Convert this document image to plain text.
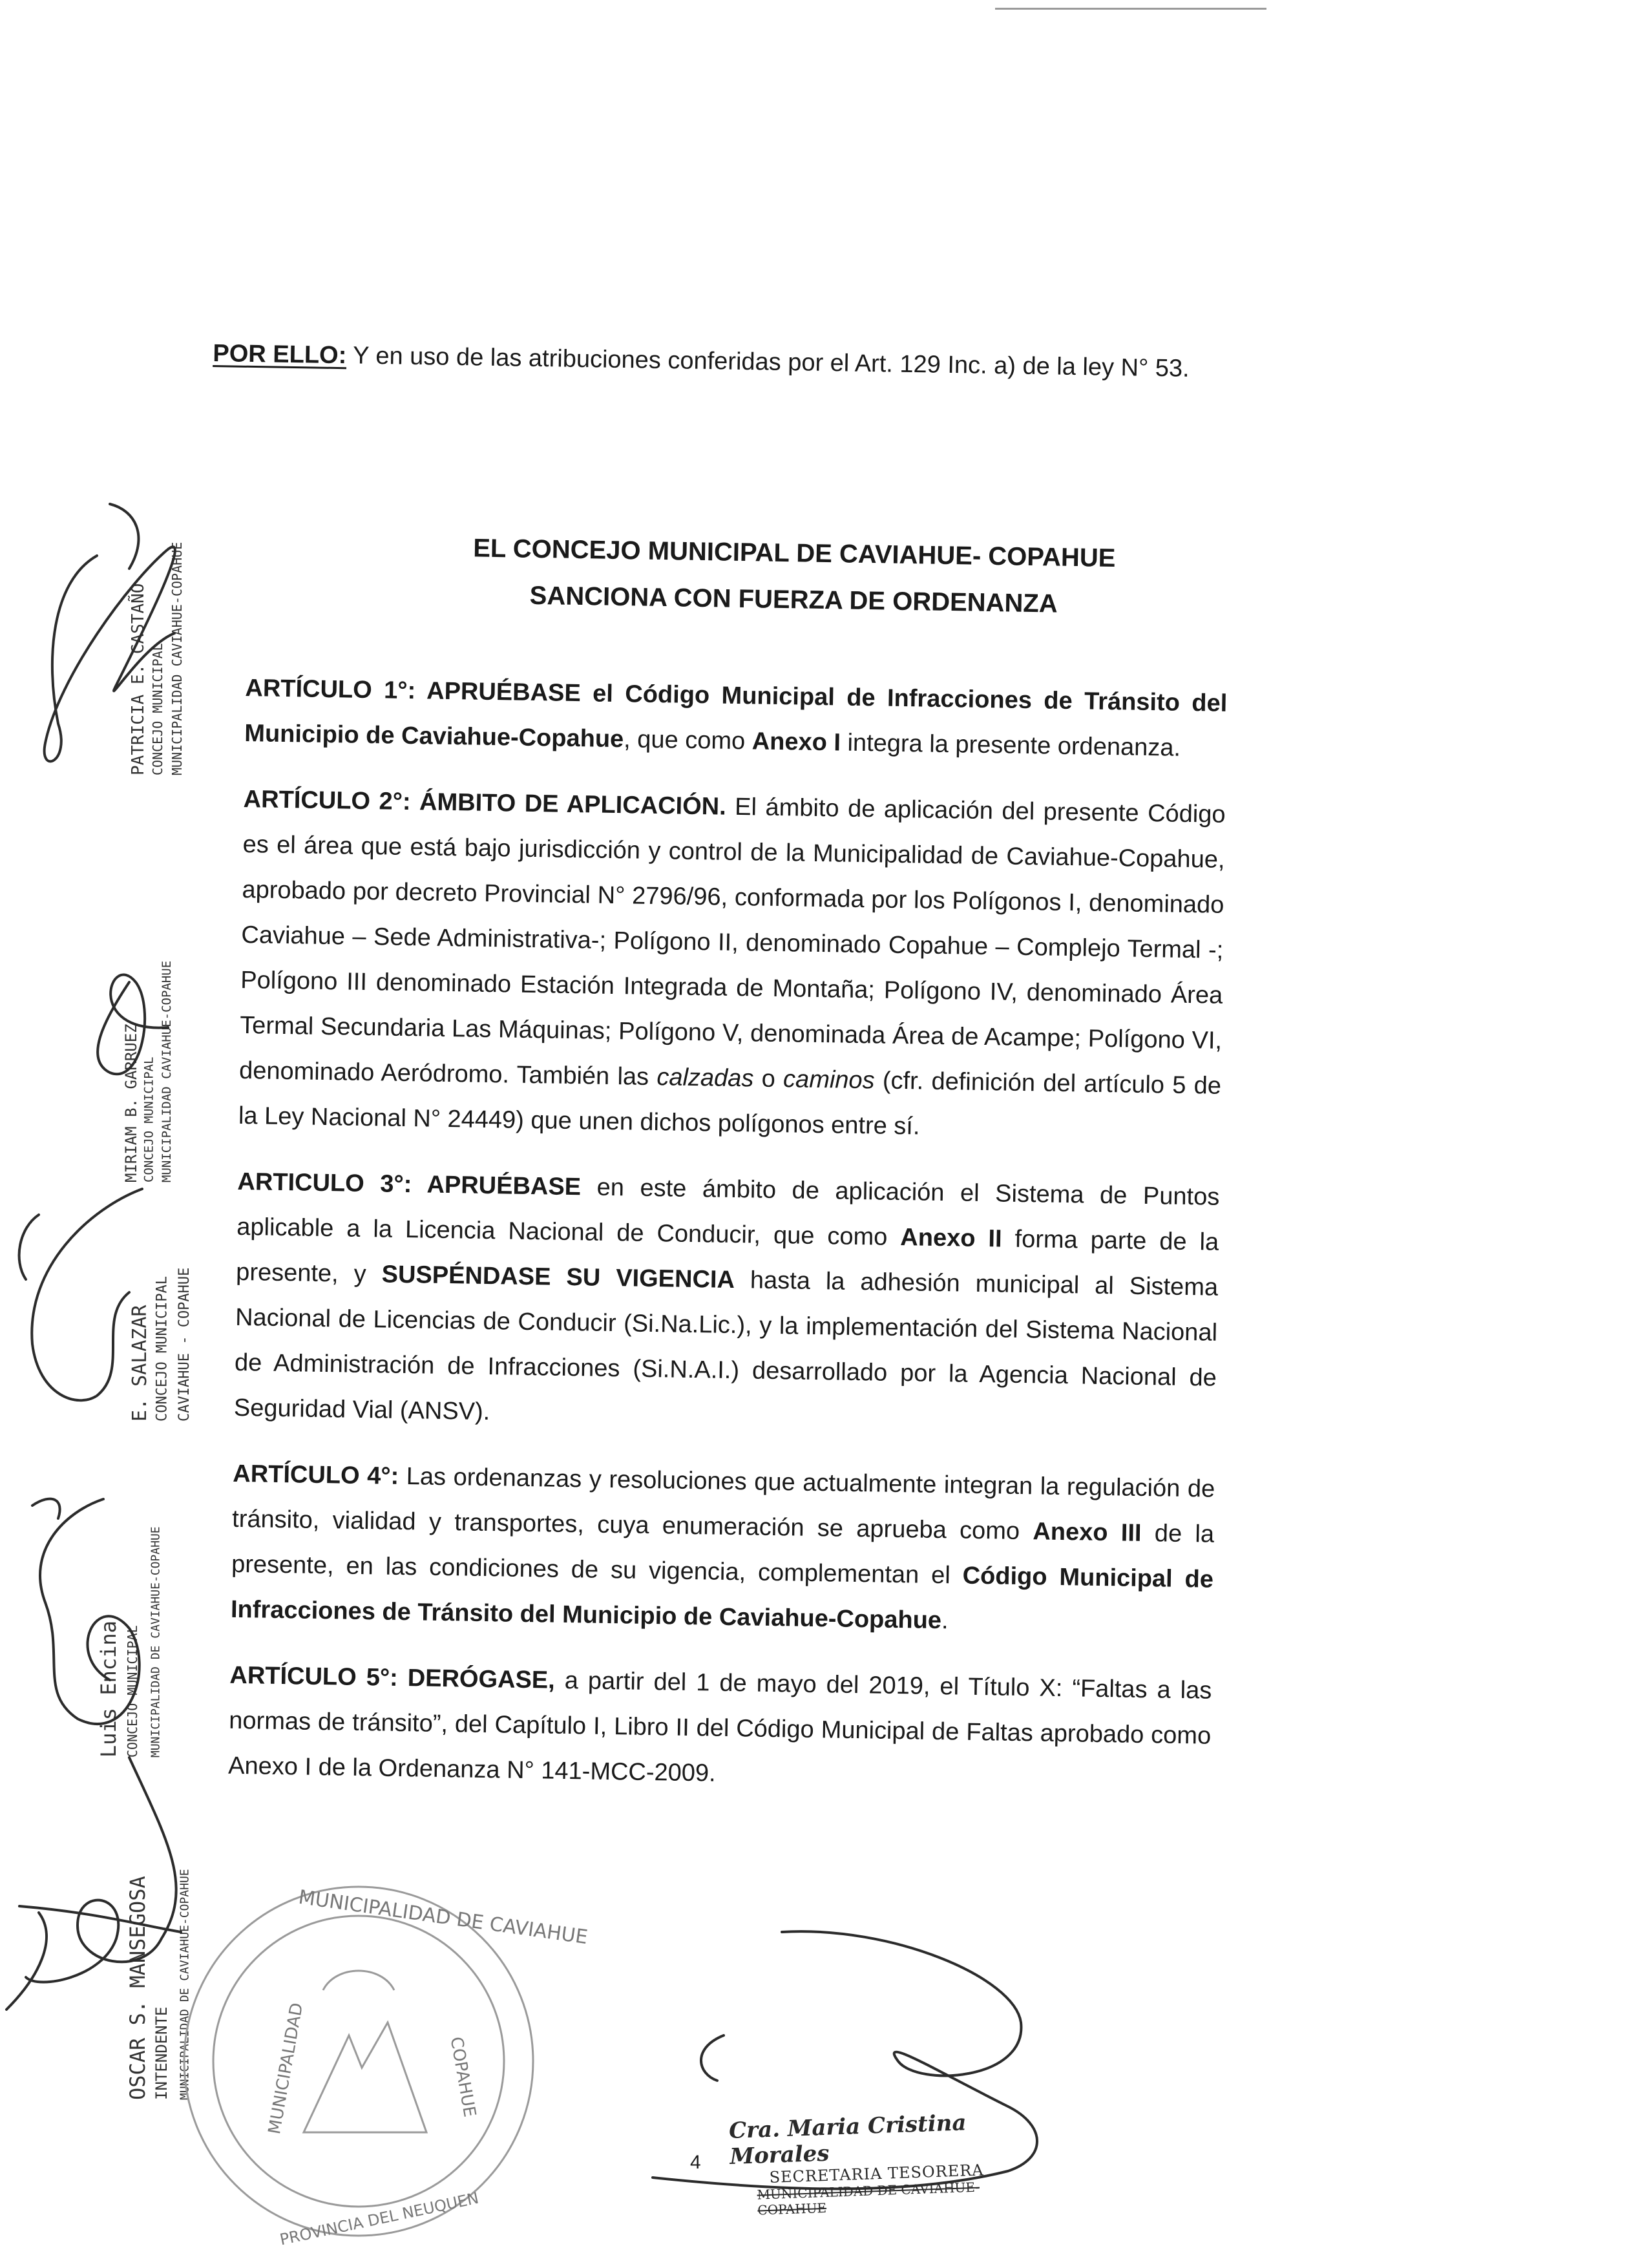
POR ELLO: Y en uso de las atribuciones conferidas por el Art. 129 Inc. a) de la ley N° 53.

EL CONCEJO MUNICIPAL DE CAVIAHUE- COPAHUE
SANCIONA CON FUERZA DE ORDENANZA

ARTÍCULO 1°: APRUÉBASE el Código Municipal de Infracciones de Tránsito del Municipio de Caviahue-Copahue, que como Anexo I integra la presente ordenanza.

ARTÍCULO 2°: ÁMBITO DE APLICACIÓN. El ámbito de aplicación del presente Código es el área que está bajo jurisdicción y control de la Municipalidad de Caviahue-Copahue, aprobado por decreto Provincial N° 2796/96, conformada por los Polígonos I, denominado Caviahue – Sede Administrativa-; Polígono II, denominado Copahue – Complejo Termal -; Polígono III denominado Estación Integrada de Montaña; Polígono IV, denominado Área Termal Secundaria Las Máquinas; Polígono V, denominada Área de Acampe; Polígono VI, denominado Aeródromo. También las calzadas o caminos (cfr. definición del artículo 5 de la Ley Nacional N° 24449) que unen dichos polígonos entre sí.

ARTICULO 3°: APRUÉBASE en este ámbito de aplicación el Sistema de Puntos aplicable a la Licencia Nacional de Conducir, que como Anexo II forma parte de la presente, y SUSPÉNDASE SU VIGENCIA hasta la adhesión municipal al Sistema Nacional de Licencias de Conducir (Si.Na.Lic.), y la implementación del Sistema Nacional de Administración de Infracciones (Si.N.A.I.) desarrollado por la Agencia Nacional de Seguridad Vial (ANSV).

ARTÍCULO 4°: Las ordenanzas y resoluciones que actualmente integran la regulación de tránsito, vialidad y transportes, cuya enumeración se aprueba como Anexo III de la presente, en las condiciones de su vigencia, complementan el Código Municipal de Infracciones de Tránsito del Municipio de Caviahue-Copahue.

ARTÍCULO 5°: DERÓGASE, a partir del 1 de mayo del 2019, el Título X: “Faltas a las normas de tránsito”, del Capítulo I, Libro II del Código Municipal de Faltas aprobado como Anexo I de la Ordenanza N° 141-MCC-2009.

PATRICIA E. CASTAÑO CONCEJO MUNICIPAL MUNICIPALIDAD CAVIAHUE-COPAHUE
MIRIAM B. GARRUEZ CONCEJO MUNICIPAL MUNICIPALIDAD CAVIAHUE-COPAHUE
E. SALAZAR CONCEJO MUNICIPAL CAVIAHUE - COPAHUE
Luis Encina CONCEJO MUNICIPAL MUNICIPALIDAD DE CAVIAHUE-COPAHUE
OSCAR S. MANSEGOSA INTENDENTE MUNICIPALIDAD DE CAVIAHUE-COPAHUE	MUNICIPALIDAD DE CAVIAHUE
COPAHUE
MUNICIPALIDAD
PROVINCIA DEL NEUQUEN
Cra. Maria Cristina Morales
SECRETARIA TESORERA
MUNICIPALIDAD DE CAVIAHUE-COPAHUE
4
